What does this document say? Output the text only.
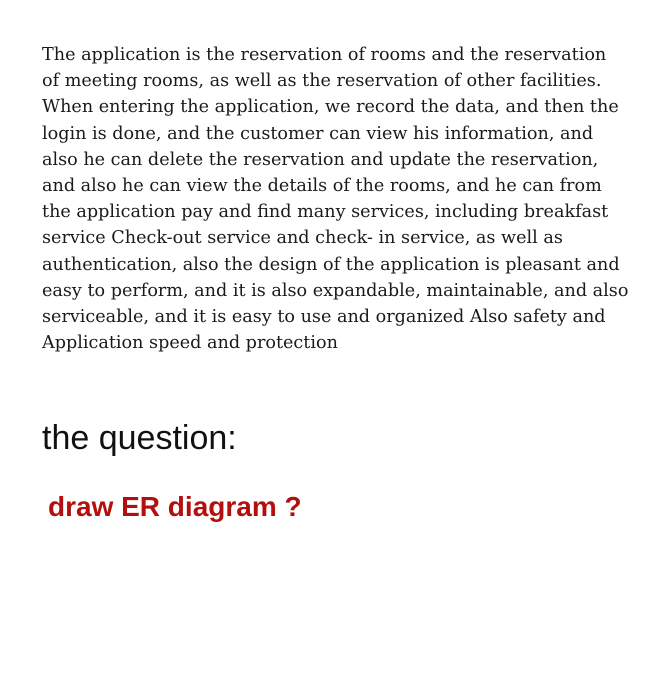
The application is the reservation of rooms and the reservation
of meeting rooms, as well as the reservation of other facilities.
When entering the application, we record the data, and then the
login is done, and the customer can view his information, and
also he can delete the reservation and update the reservation,
and also he can view the details of the rooms, and he can from
the application pay and find many services, including breakfast
service Check-out service and check- in service, as well as
authentication, also the design of the application is pleasant and
easy to perform, and it is also expandable, maintainable, and also
serviceable, and it is easy to use and organized Also safety and
Application speed and protection

the question:

draw ER diagram ?
